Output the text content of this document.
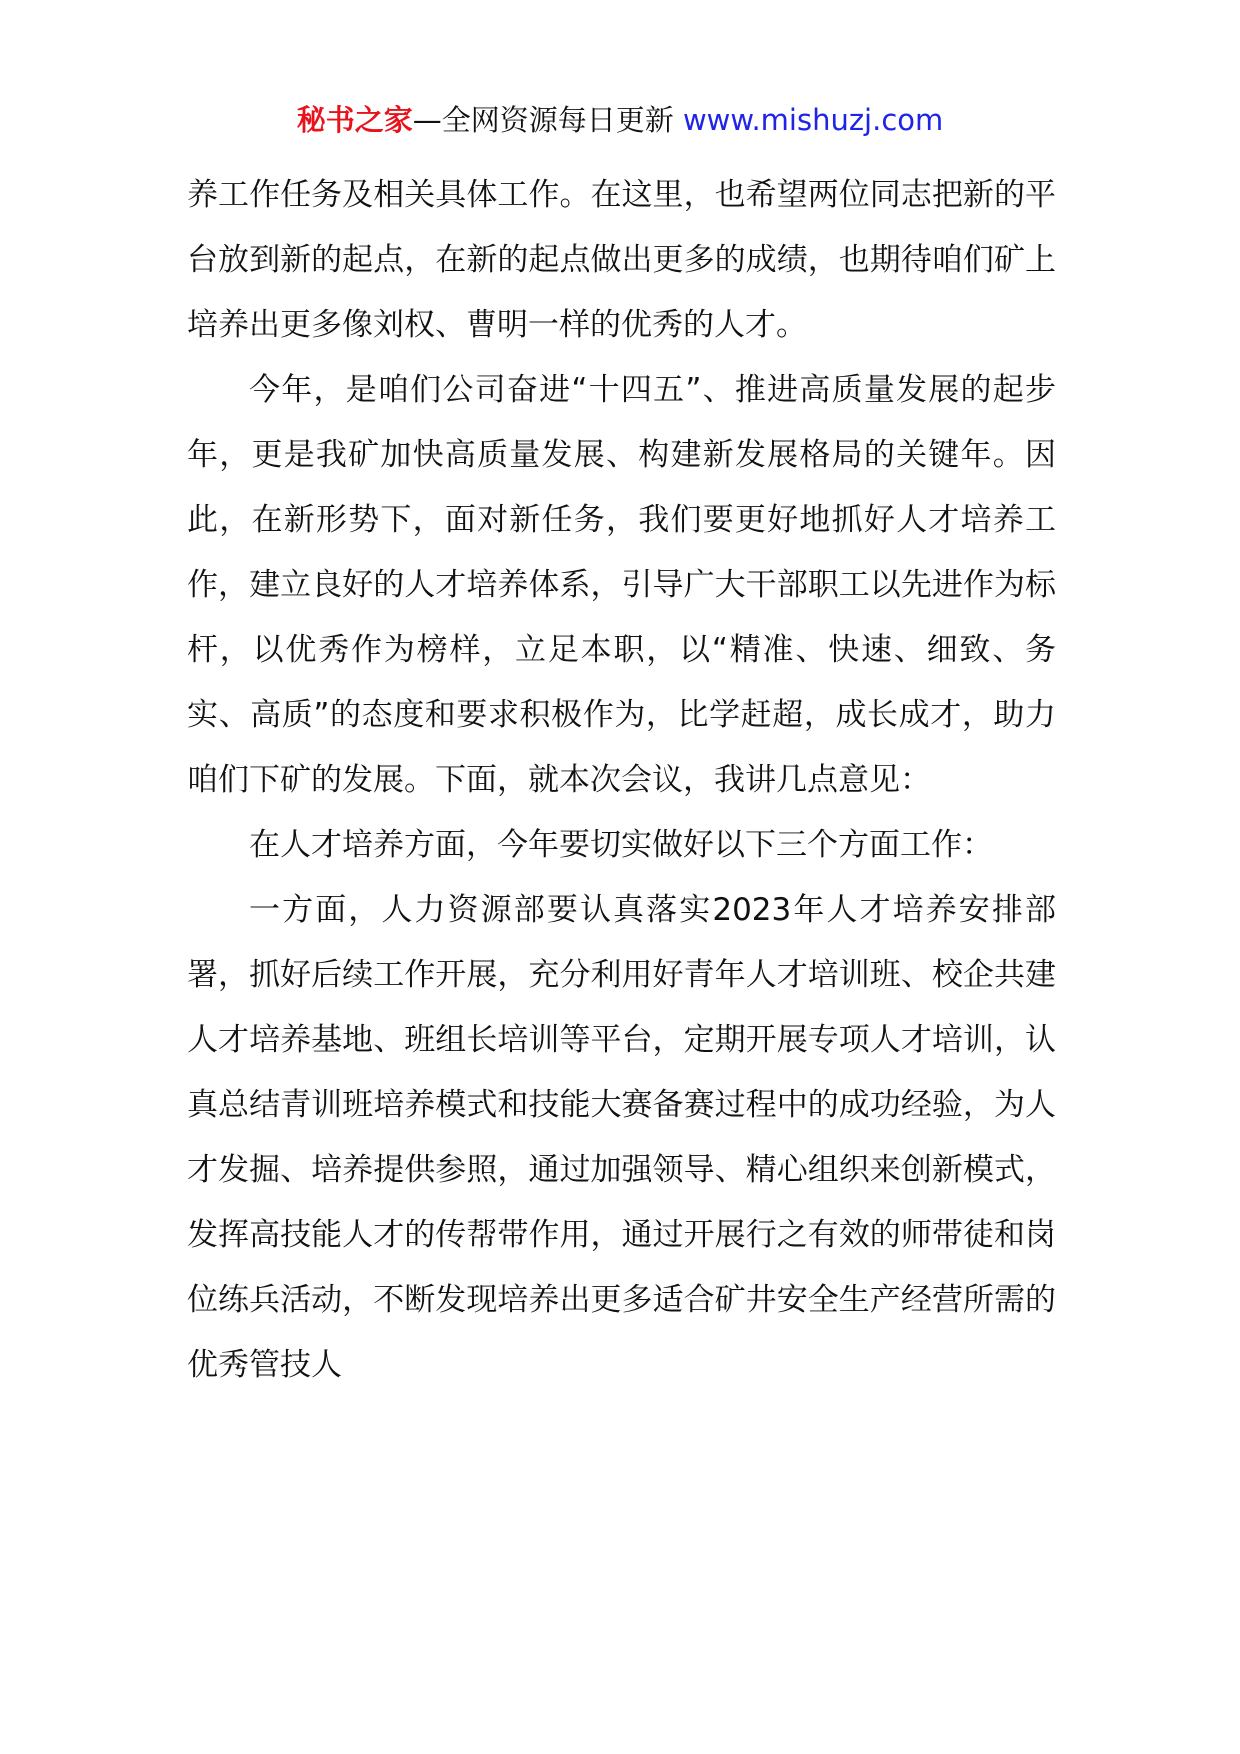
秘书之家—全网资源每日更新 www.mishuzj.com

养工作任务及相关具体工作。在这里，也希望两位同志把新的平台放到新的起点，在新的起点做出更多的成绩，也期待咱们矿上培养出更多像刘权、曹明一样的优秀的人才。

今年，是咱们公司奋进“十四五”、推进高质量发展的起步年，更是我矿加快高质量发展、构建新发展格局的关键年。因此，在新形势下，面对新任务，我们要更好地抓好人才培养工作，建立良好的人才培养体系，引导广大干部职工以先进作为标杆，以优秀作为榜样，立足本职，以“精准、快速、细致、务实、高质”的态度和要求积极作为，比学赶超，成长成才，助力咱们下矿的发展。下面，就本次会议，我讲几点意见：

在人才培养方面，今年要切实做好以下三个方面工作：

一方面，人力资源部要认真落实2023年人才培养安排部署，抓好后续工作开展，充分利用好青年人才培训班、校企共建人才培养基地、班组长培训等平台，定期开展专项人才培训，认真总结青训班培养模式和技能大赛备赛过程中的成功经验，为人才发掘、培养提供参照，通过加强领导、精心组织来创新模式，发挥高技能人才的传帮带作用，通过开展行之有效的师带徒和岗位练兵活动，不断发现培养出更多适合矿井安全生产经营所需的优秀管技人
